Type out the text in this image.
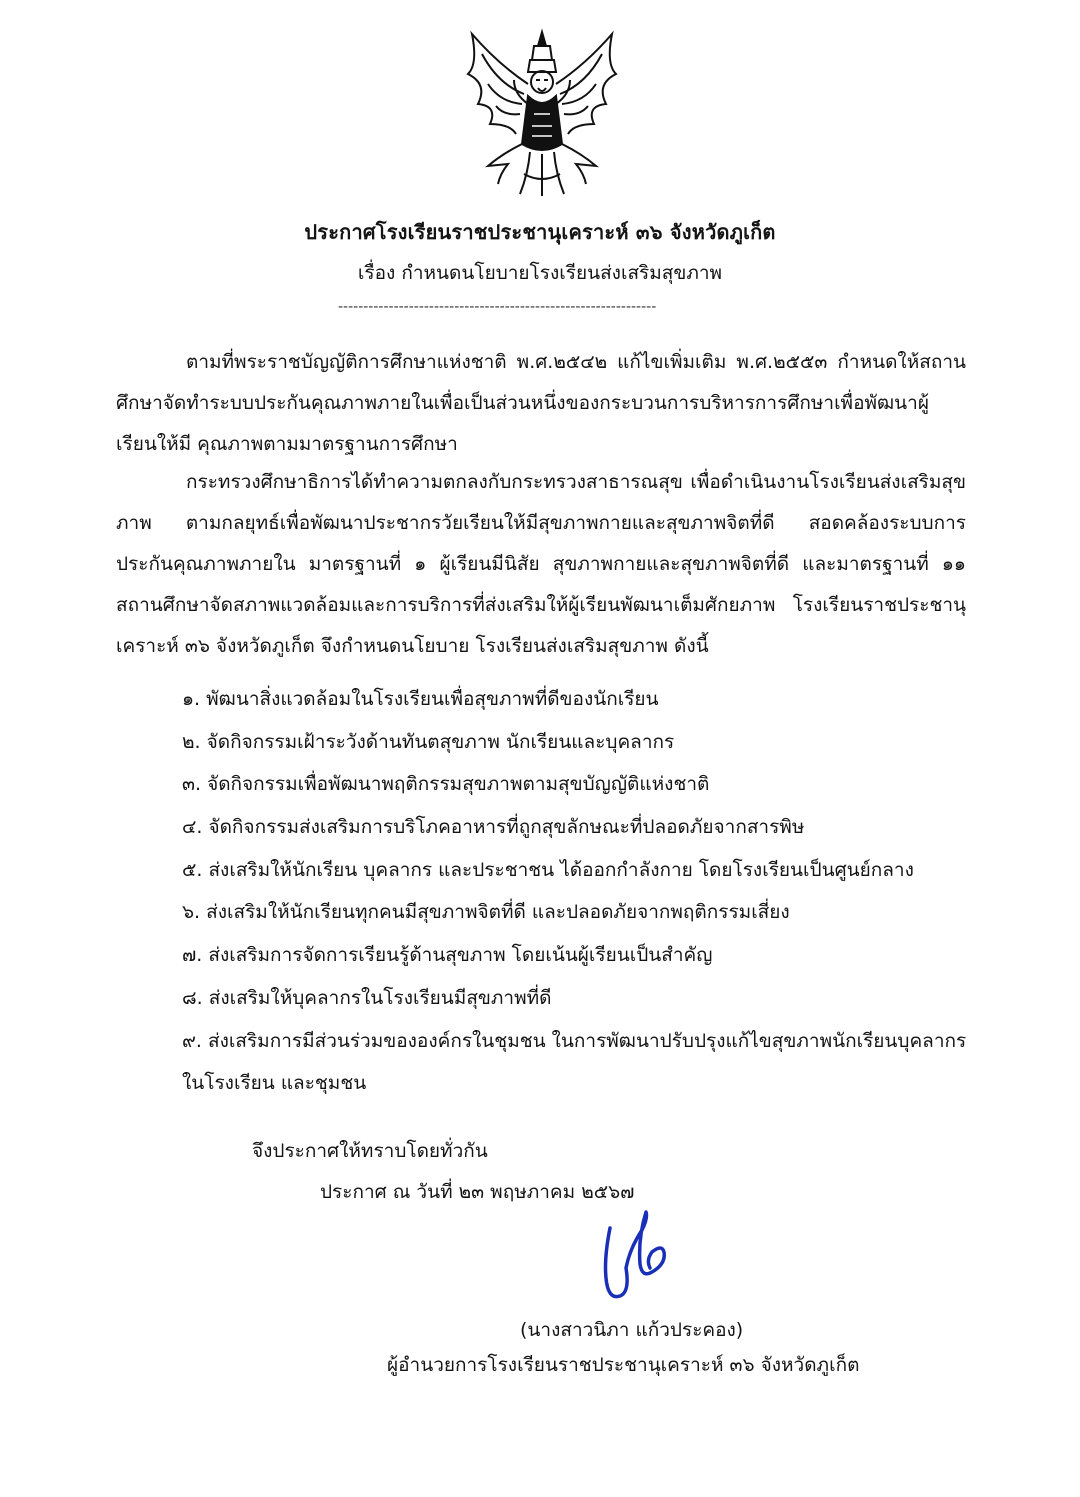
ประกาศโรงเรียนราชประชานุเคราะห์ ๓๖ จังหวัดภูเก็ต
เรื่อง กำหนดนโยบายโรงเรียนส่งเสริมสุขภาพ
---------------------------------------------------------------

ตามที่พระราชบัญญัติการศึกษาแห่งชาติ พ.ศ.๒๕๔๒ แก้ไขเพิ่มเติม พ.ศ.๒๕๕๓ กำหนดให้สถานศึกษาจัดทำระบบประกันคุณภาพภายในเพื่อเป็นส่วนหนึ่งของกระบวนการบริหารการศึกษาเพื่อพัฒนาผู้เรียนให้มี คุณภาพตามมาตรฐานการศึกษา

กระทรวงศึกษาธิการได้ทำความตกลงกับกระทรวงสาธารณสุข เพื่อดำเนินงานโรงเรียนส่งเสริมสุขภาพ ตามกลยุทธ์เพื่อพัฒนาประชากรวัยเรียนให้มีสุขภาพกายและสุขภาพจิตที่ดี สอดคล้องระบบการประกันคุณภาพภายใน มาตรฐานที่ ๑ ผู้เรียนมีนิสัย สุขภาพกายและสุขภาพจิตที่ดี และมาตรฐานที่ ๑๑ สถานศึกษาจัดสภาพแวดล้อมและการบริการที่ส่งเสริมให้ผู้เรียนพัฒนาเต็มศักยภาพ โรงเรียนราชประชานุเคราะห์ ๓๖ จังหวัดภูเก็ต จึงกำหนดนโยบาย โรงเรียนส่งเสริมสุขภาพ ดังนี้

๑. พัฒนาสิ่งแวดล้อมในโรงเรียนเพื่อสุขภาพที่ดีของนักเรียน
๒. จัดกิจกรรมเฝ้าระวังด้านทันตสุขภาพ นักเรียนและบุคลากร
๓. จัดกิจกรรมเพื่อพัฒนาพฤติกรรมสุขภาพตามสุขบัญญัติแห่งชาติ
๔. จัดกิจกรรมส่งเสริมการบริโภคอาหารที่ถูกสุขลักษณะที่ปลอดภัยจากสารพิษ
๕. ส่งเสริมให้นักเรียน บุคลากร และประชาชน ได้ออกกำลังกาย โดยโรงเรียนเป็นศูนย์กลาง
๖. ส่งเสริมให้นักเรียนทุกคนมีสุขภาพจิตที่ดี และปลอดภัยจากพฤติกรรมเสี่ยง
๗. ส่งเสริมการจัดการเรียนรู้ด้านสุขภาพ โดยเน้นผู้เรียนเป็นสำคัญ
๘. ส่งเสริมให้บุคลากรในโรงเรียนมีสุขภาพที่ดี
๙. ส่งเสริมการมีส่วนร่วมขององค์กรในชุมชน ในการพัฒนาปรับปรุงแก้ไขสุขภาพนักเรียนบุคลากรในโรงเรียน และชุมชน
จึงประกาศให้ทราบโดยทั่วกัน
ประกาศ ณ วันที่ ๒๓ พฤษภาคม ๒๕๖๗
(นางสาวนิภา แก้วประคอง)
ผู้อำนวยการโรงเรียนราชประชานุเคราะห์ ๓๖ จังหวัดภูเก็ต
